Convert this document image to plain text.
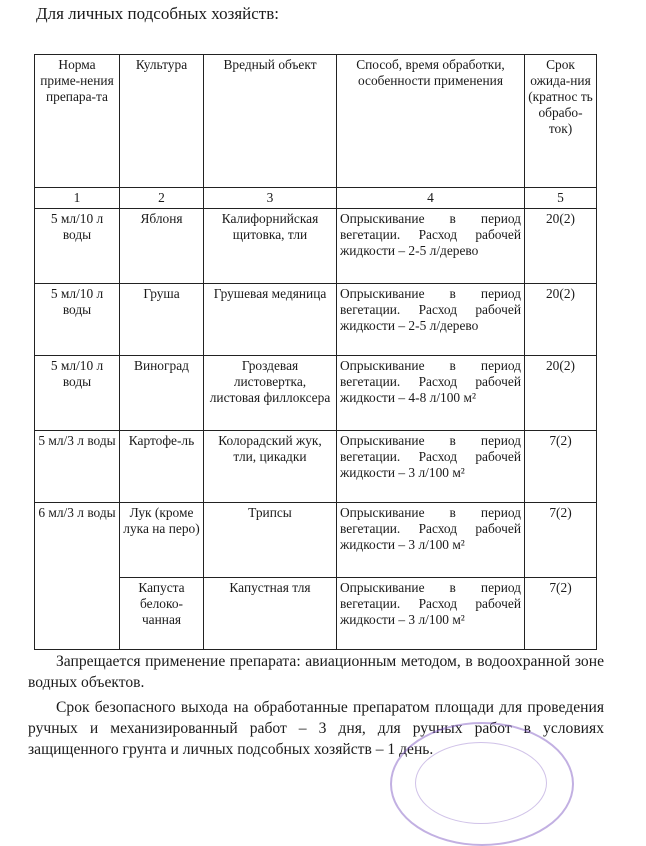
Для личных подсобных хозяйств:
Норма приме-нения препара-та	Культура	Вредный объект	Способ, время обработки, особенности применения	Срок ожида-ния (кратнос ть обрабо-ток)
1	2	3	4	5
5 мл/10 л воды	Яблоня	Калифорнийская щитовка, тли	Опрыскивание в период вегетации. Расход рабочей жидкости – 2-5 л/дерево	20(2)
5 мл/10 л воды	Груша	Грушевая медяница	Опрыскивание в период вегетации. Расход рабочей жидкости – 2-5 л/дерево	20(2)
5 мл/10 л воды	Виноград	Гроздевая листовертка, листовая филлоксера	Опрыскивание в период вегетации. Расход рабочей жидкости – 4-8 л/100 м²	20(2)
5 мл/3 л воды	Картофе-ль	Колорадский жук, тли, цикадки	Опрыскивание в период вегетации. Расход рабочей жидкости – 3 л/100 м²	7(2)
6 мл/3 л воды	Лук (кроме лука на перо)	Трипсы	Опрыскивание в период вегетации. Расход рабочей жидкости – 3 л/100 м²	7(2)
	Капуста белоко-чанная	Капустная тля	Опрыскивание в период вегетации. Расход рабочей жидкости – 3 л/100 м²	7(2)
Запрещается применение препарата: авиационным методом, в водоохранной зоне водных объектов.
Срок безопасного выхода на обработанные препаратом площади для проведения ручных и механизированный работ – 3 дня, для ручных работ в условиях защищенного грунта и личных подсобных хозяйств – 1 день.
